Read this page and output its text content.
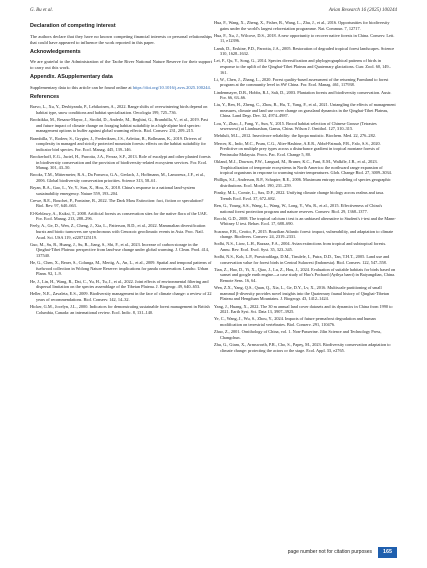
G. Bu et al.	Avian Research 16 (2025) 100244
Declaration of competing interest

The authors declare that they have no known competing financial interests or personal relationships that could have appeared to influence the work reported in this paper.

Acknowledgements

We are grateful to the Administration of the Taohe River National Nature Reserve for their support to carry out this work.

Appendix. ASupplementary data

Supplementary data to this article can be found online at https://doi.org/10.1016/j.avrs.2025.100244.

References
Bravo, L., Xu, Y., Desbiyanda, P., Lehikoinen, A., 2022. Range shifts of overwintering birds depend on habitat type, snow conditions and habitat specialization. Oecologia 199, 725–736.
Brodzikka, M., Resano-Mayor, J., Sirolid, D., Anderle, M., Beghini, G., Brambilla, V., et al., 2019. Past and future impact of climate change on foraging habitat suitability in a high-alpine bird species: management options to buffer against global warming effects. Biol. Conserv. 231, 209–215.
Brambilla, V., Rodeer, S., Grygier, J., Frederiksen, J.S., Arlettaz, R., Bollmann, K., 2019. Drivers of complexity in managed and strictly protected mountain forests: effects on the habitat suitability for indicator bird species. For. Ecol. Manag. 445, 139–146.
Brockerhoff, E.G., Jactel, H., Parrotta, J.A., Ferraz, S.F., 2013. Role of eucalypt and other planted forests in biodiversity conservation and the provision of biodiversity-related ecosystem services. For. Ecol. Manag. 301, 43–50.
Brooks, T.M., Mittermeier, R.A., Da Fonseca, G.A., Gerlach, J., Hoffmann, M., Lamoreux, J.F., et al., 2006. Global biodiversity conservation priorities. Science 313, 58–61.
Bryan, B.A., Gao, L., Ye, Y., Sun, X., Hou, X., 2018. China's response to a national land-system sustainability emergency. Nature 559, 193–204.
Crewe, R.E., Bouchet, P., Fontaine, B., 2022. The Dark Mass Extinction: fact, fiction or speculation? Biol. Rev. 97, 640–663.
El-Keblawy, A., Ksiksi, T., 2008. Artificial forests as conservation sites for the native flora of the UAE. For. Ecol. Manag. 213, 288–296.
Feely, A., Ge, D., Wen, Z., Cheng, J., Xia, L., Patterson, B.D., et al., 2022. Mammalian diversification bursts and biotic turnovers are synchronous with Cenozoic geoclimatic events in Asia. Proc. Natl. Acad. Sci. USA 119, e2207125119.
Guo, M., Su, B., Huang, J., Su, B., Jiang, S., Shi, F., et al., 2023. Increase of carbon storage in the Qinghai-Tibet Plateau: perspective from land-use change under global warming. J. Clean. Prod. 414, 137540.
He, G., Chen, X., Beaer, S., Colunga, M., Mertig, A., An, L., et al., 2009. Spatial and temporal patterns of fuelwood collection in Wolong Nature Reserve: implications for panda conservation. Landsc. Urban Plann. 92, 1–9.
He, J., Lin, H., Wang, R., Dai, C., Yu, H., Tu, J., et al., 2022. Joint effects of environmental filtering and dispersal limitation on the species assemblage of the Tibetan Plateau. J. Biogeogr. 49, 640–653.
Heller, N.E., Zavaleta, E.S., 2009. Biodiversity management in the face of climate change: a review of 22 years of recommendations. Biol. Conserv. 142, 14–32.
Hicker, G.M., Jocelyn, J.L., 2000. Indicators for demonstrating sustainable forest management in British Columbia, Canada: an international review. Ecol. Indic. 8, 131–140.
Hua, F., Wang, X., Zheng, X., Fisher, B., Wang, L., Zhu, J., et al., 2016. Opportunities for biodiversity gains under the world's largest reforestation programme. Nat. Commun. 7, 12717.
Hua, F., Xu, J., Wilcove, D.S., 2018. A new opportunity to recover native forests in China. Conserv. Lett. 11, e12396.
Lamb, D., Erskine, P.D., Parrotta, J.A., 2005. Restoration of degraded tropical forest landscapes. Science 310, 1628–1632.
Lei, F., Qu, Y., Song, G., 2014. Species diversification and phylogeographical patterns of birds in response to the uplift of the Qinghai-Tibet Plateau and Quaternary glaciations. Curr. Zool. 60, 149–161.
Li, W., Chen, J., Zhang, L., 2020. Forest quality-based assessment of the returning Farmland to forest program at the community level in SW China. For. Ecol. Manag. 461, 117938.
Lindenmayer, D.B., Hobbs, R.J., Salt, D., 2003. Plantation forests and biodiversity conservation. Austr. For. 66, 63–66.
Liu, Y., Ren, H., Zheng, C., Zhou, B., Hu, T., Yang, F., et al., 2021. Untangling the effects of management measures, climate and land use cover change on grassland dynamics in the Qinghai-Tibet Plateau, China. Land Degr. Dev. 32, 4974–4987.
Lou, Y., Zhao, J., Fang, Y., Sun, Y., 2015. Brood habitat selection of Chinese Grouse (Tetrastes sewerzowi) at Lianhuashan, Gansu, China. Wilson J. Ornithol. 127, 310–315.
Mehtluli, M.L., 2012. Insectivore reliability: the lipopa mutistic. Biochem. Med. 22, 276–282.
Mercer, K., Indo, M.C., Prum, C.G., Alter-Hashine, A.E.R., Abbd-Fatmah, P.R., Falo, S.S., 2020. Predictive on multiple prey types across a disturbance gradient in tropical montane forests of Peninsular Malaysia. Procs. Pac. Ecol. Change 5, 80.
Okland, M.J., Dawson, P.W., Langsad, M., Bruner, K.C., Fant, E.M., Walkfle, J.B., et al., 2023. Trophicalization of temperate ecosystems in North America: the northward range expansion of tropical organisms in response to warming winter temperatures. Glob. Change Biol. 27, 3009–3034.
Phillips, S.J., Anderson, R.P., Schapire, R.E., 2006. Maximum entropy modeling of species geographic distributions. Ecol. Model. 190, 231–259.
Pinsky, M.L., Comte, L., Sax, D.F., 2022. Unifying climate change biology across realms and taxa. Trends Ecol. Evol. 37, 672–682.
Ren, G., Young, S.S., Wang, L., Wang, W., Long, Y., Wu, R., et al., 2015. Effectiveness of China's national forest protection program and nature reserves. Conserv. Biol. 29, 1368–1377.
Rocchi, G.D., 2008. The tropical calcium t test is an unbiased alternative to Student's t-test and the Mann-Whitney U test. Behav. Ecol. 17, 688–690.
Scarano, F.R., Ceotto, P., 2015. Brazilian Atlantic forest: impact, vulnerability, and adaptation to climate change. Biodivers. Conserv. 24, 2319–2331.
Sodhi, N.S., Liow, L.H., Bazzaz, F.A., 2004. Avian extinctions from tropical and subtropical forests. Annu. Rev. Ecol. Evol. Syst. 35, 323–345.
Sodhi, N.S., Koh, L.P., Prawiradilaga, D.M., Tinulele, I., Putra, D.D., Tan, T.H.T., 2005. Land use and conservation value for forest birds in Central Sulawesi (Indonesia). Biol. Conserv. 122, 547–558.
Tian, Z., Hao, D., Yi, X., Qiao, J., Lu, Z., Hou, J., 2024. Evaluation of suitable habitats for birds based on sunset and google earth engine—a case study of Hao's Pochard (Aythya baeri) in Baiyangdian, China. Remote Sens. 16, 64.
Wen, Z.X., Yang, Q.S., Quan, Q., Xia, L., Ge, D.Y., Lv, X., 2016. Multiscale partitioning of small mammal β-diversity provides novel insights into the Quaternary faunal history of Qinghai-Tibetan Plateau and Hengduan Mountains. J. Biogeogr. 43, 1412–1424.
Yang, J., Huang, X., 2022. The 30 m annual land cover datasets and its dynamics in China from 1990 to 2021. Earth Syst. Sci. Data 13, 3907–3925.
Ye, C., Wang, J., Wu, S., Zhou, Y., 2024. Impacts of future permafrost degradation and human modification on terrestrial vertebrates. Biol. Conserv. 291, 110476.
Zhao, Z., 2001. Ornithology of China, vol. 1. Non-Passerine. Jilin Science and Technology Press, Changchun.
Zhu, G., Giam, X., Armsworth, P.R., Cho, S., Papeş, M., 2023. Biodiversity conservation adaptation to climate change: protecting the actors or the stage. Ecol. Appl. 33, e2765.
page number not for citation purposes	165
